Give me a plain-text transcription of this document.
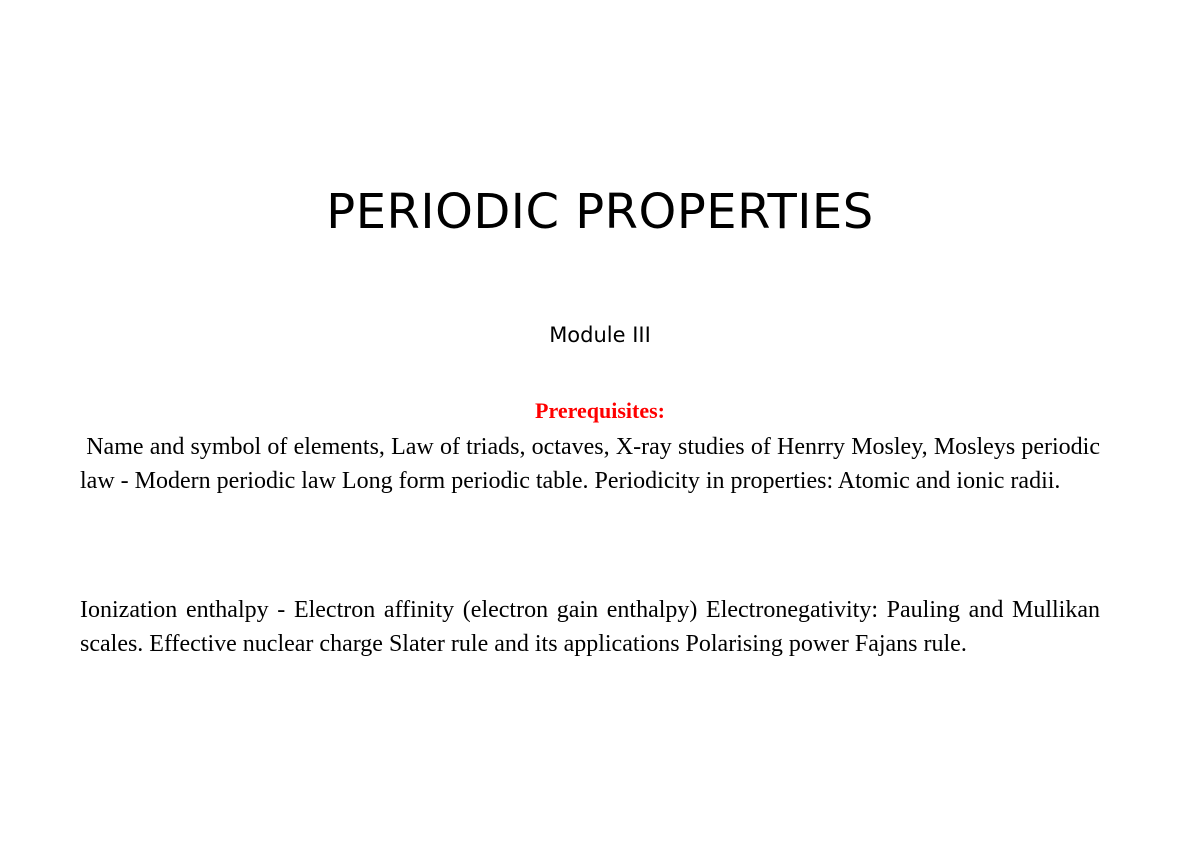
PERIODIC PROPERTIES
Module III
Prerequisites:

Name and symbol of elements, Law of triads, octaves, X-ray studies of Henrry Mosley, Mosleys periodic law - Modern periodic law Long form periodic table. Periodicity in properties: Atomic and ionic radii.

Ionization enthalpy - Electron affinity (electron gain enthalpy) Electronegativity: Pauling and Mullikan scales. Effective nuclear charge Slater rule and its applications Polarising power Fajans rule.
